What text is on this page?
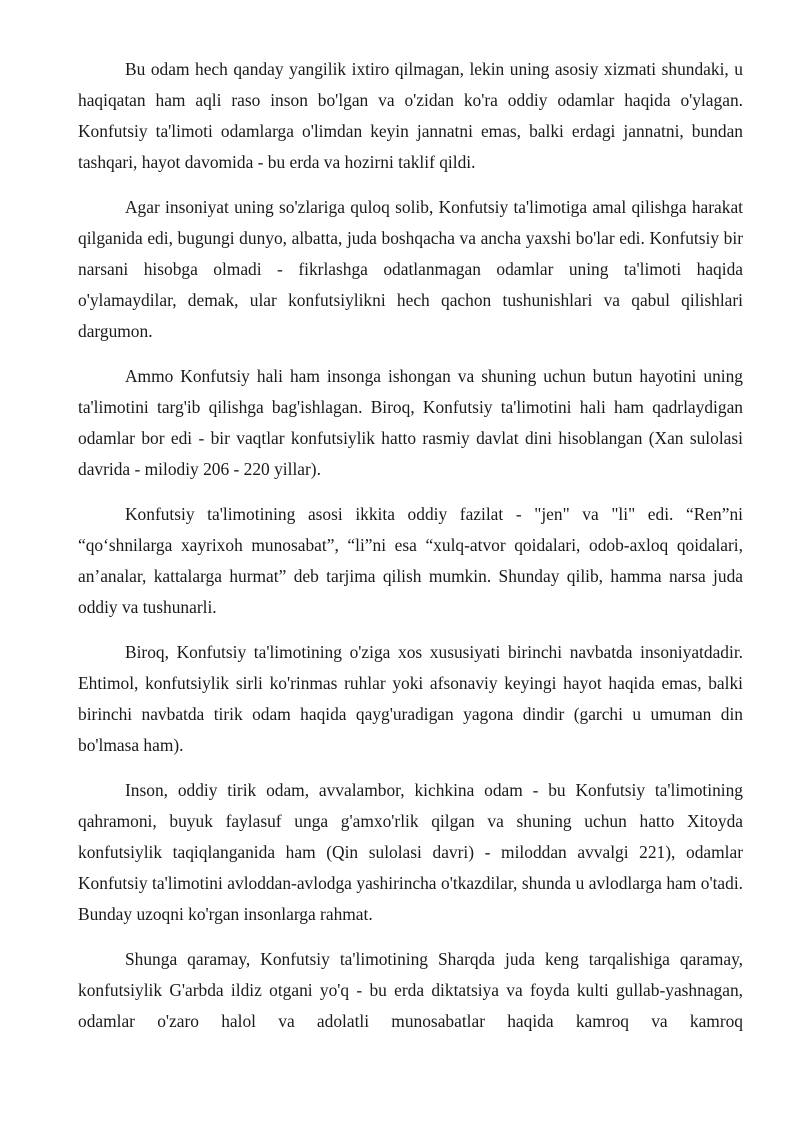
Bu odam hech qanday yangilik ixtiro qilmagan, lekin uning asosiy xizmati shundaki, u haqiqatan ham aqli raso inson bo'lgan va o'zidan ko'ra oddiy odamlar haqida o'ylagan. Konfutsiy ta'limoti odamlarga o'limdan keyin jannatni emas, balki erdagi jannatni, bundan tashqari, hayot davomida - bu erda va hozirni taklif qildi.

Agar insoniyat uning so'zlariga quloq solib, Konfutsiy ta'limotiga amal qilishga harakat qilganida edi, bugungi dunyo, albatta, juda boshqacha va ancha yaxshi bo'lar edi. Konfutsiy bir narsani hisobga olmadi - fikrlashga odatlanmagan odamlar uning ta'limoti haqida o'ylamaydilar, demak, ular konfutsiylikni hech qachon tushunishlari va qabul qilishlari dargumon.

Ammo Konfutsiy hali ham insonga ishongan va shuning uchun butun hayotini uning ta'limotini targ'ib qilishga bag'ishlagan. Biroq, Konfutsiy ta'limotini hali ham qadrlaydigan odamlar bor edi - bir vaqtlar konfutsiylik hatto rasmiy davlat dini hisoblangan (Xan sulolasi davrida - milodiy 206 - 220 yillar).

Konfutsiy ta'limotining asosi ikkita oddiy fazilat - "jen" va "li" edi. “Ren”ni “qo‘shnilarga xayrixoh munosabat”, “li”ni esa “xulq-atvor qoidalari, odob-axloq qoidalari, an’analar, kattalarga hurmat” deb tarjima qilish mumkin. Shunday qilib, hamma narsa juda oddiy va tushunarli.

Biroq, Konfutsiy ta'limotining o'ziga xos xususiyati birinchi navbatda insoniyatdadir. Ehtimol, konfutsiylik sirli ko'rinmas ruhlar yoki afsonaviy keyingi hayot haqida emas, balki birinchi navbatda tirik odam haqida qayg'uradigan yagona dindir (garchi u umuman din bo'lmasa ham).

Inson, oddiy tirik odam, avvalambor, kichkina odam - bu Konfutsiy ta'limotining qahramoni, buyuk faylasuf unga g'amxo'rlik qilgan va shuning uchun hatto Xitoyda konfutsiylik taqiqlanganida ham (Qin sulolasi davri) - miloddan avvalgi 221), odamlar Konfutsiy ta'limotini avloddan-avlodga yashirincha o'tkazdilar, shunda u avlodlarga ham o'tadi. Bunday uzoqni ko'rgan insonlarga rahmat.

Shunga qaramay, Konfutsiy ta'limotining Sharqda juda keng tarqalishiga qaramay, konfutsiylik G'arbda ildiz otgani yo'q - bu erda diktatsiya va foyda kulti gullab-yashnagan, odamlar o'zaro halol va adolatli munosabatlar haqida kamroq va kamroq
